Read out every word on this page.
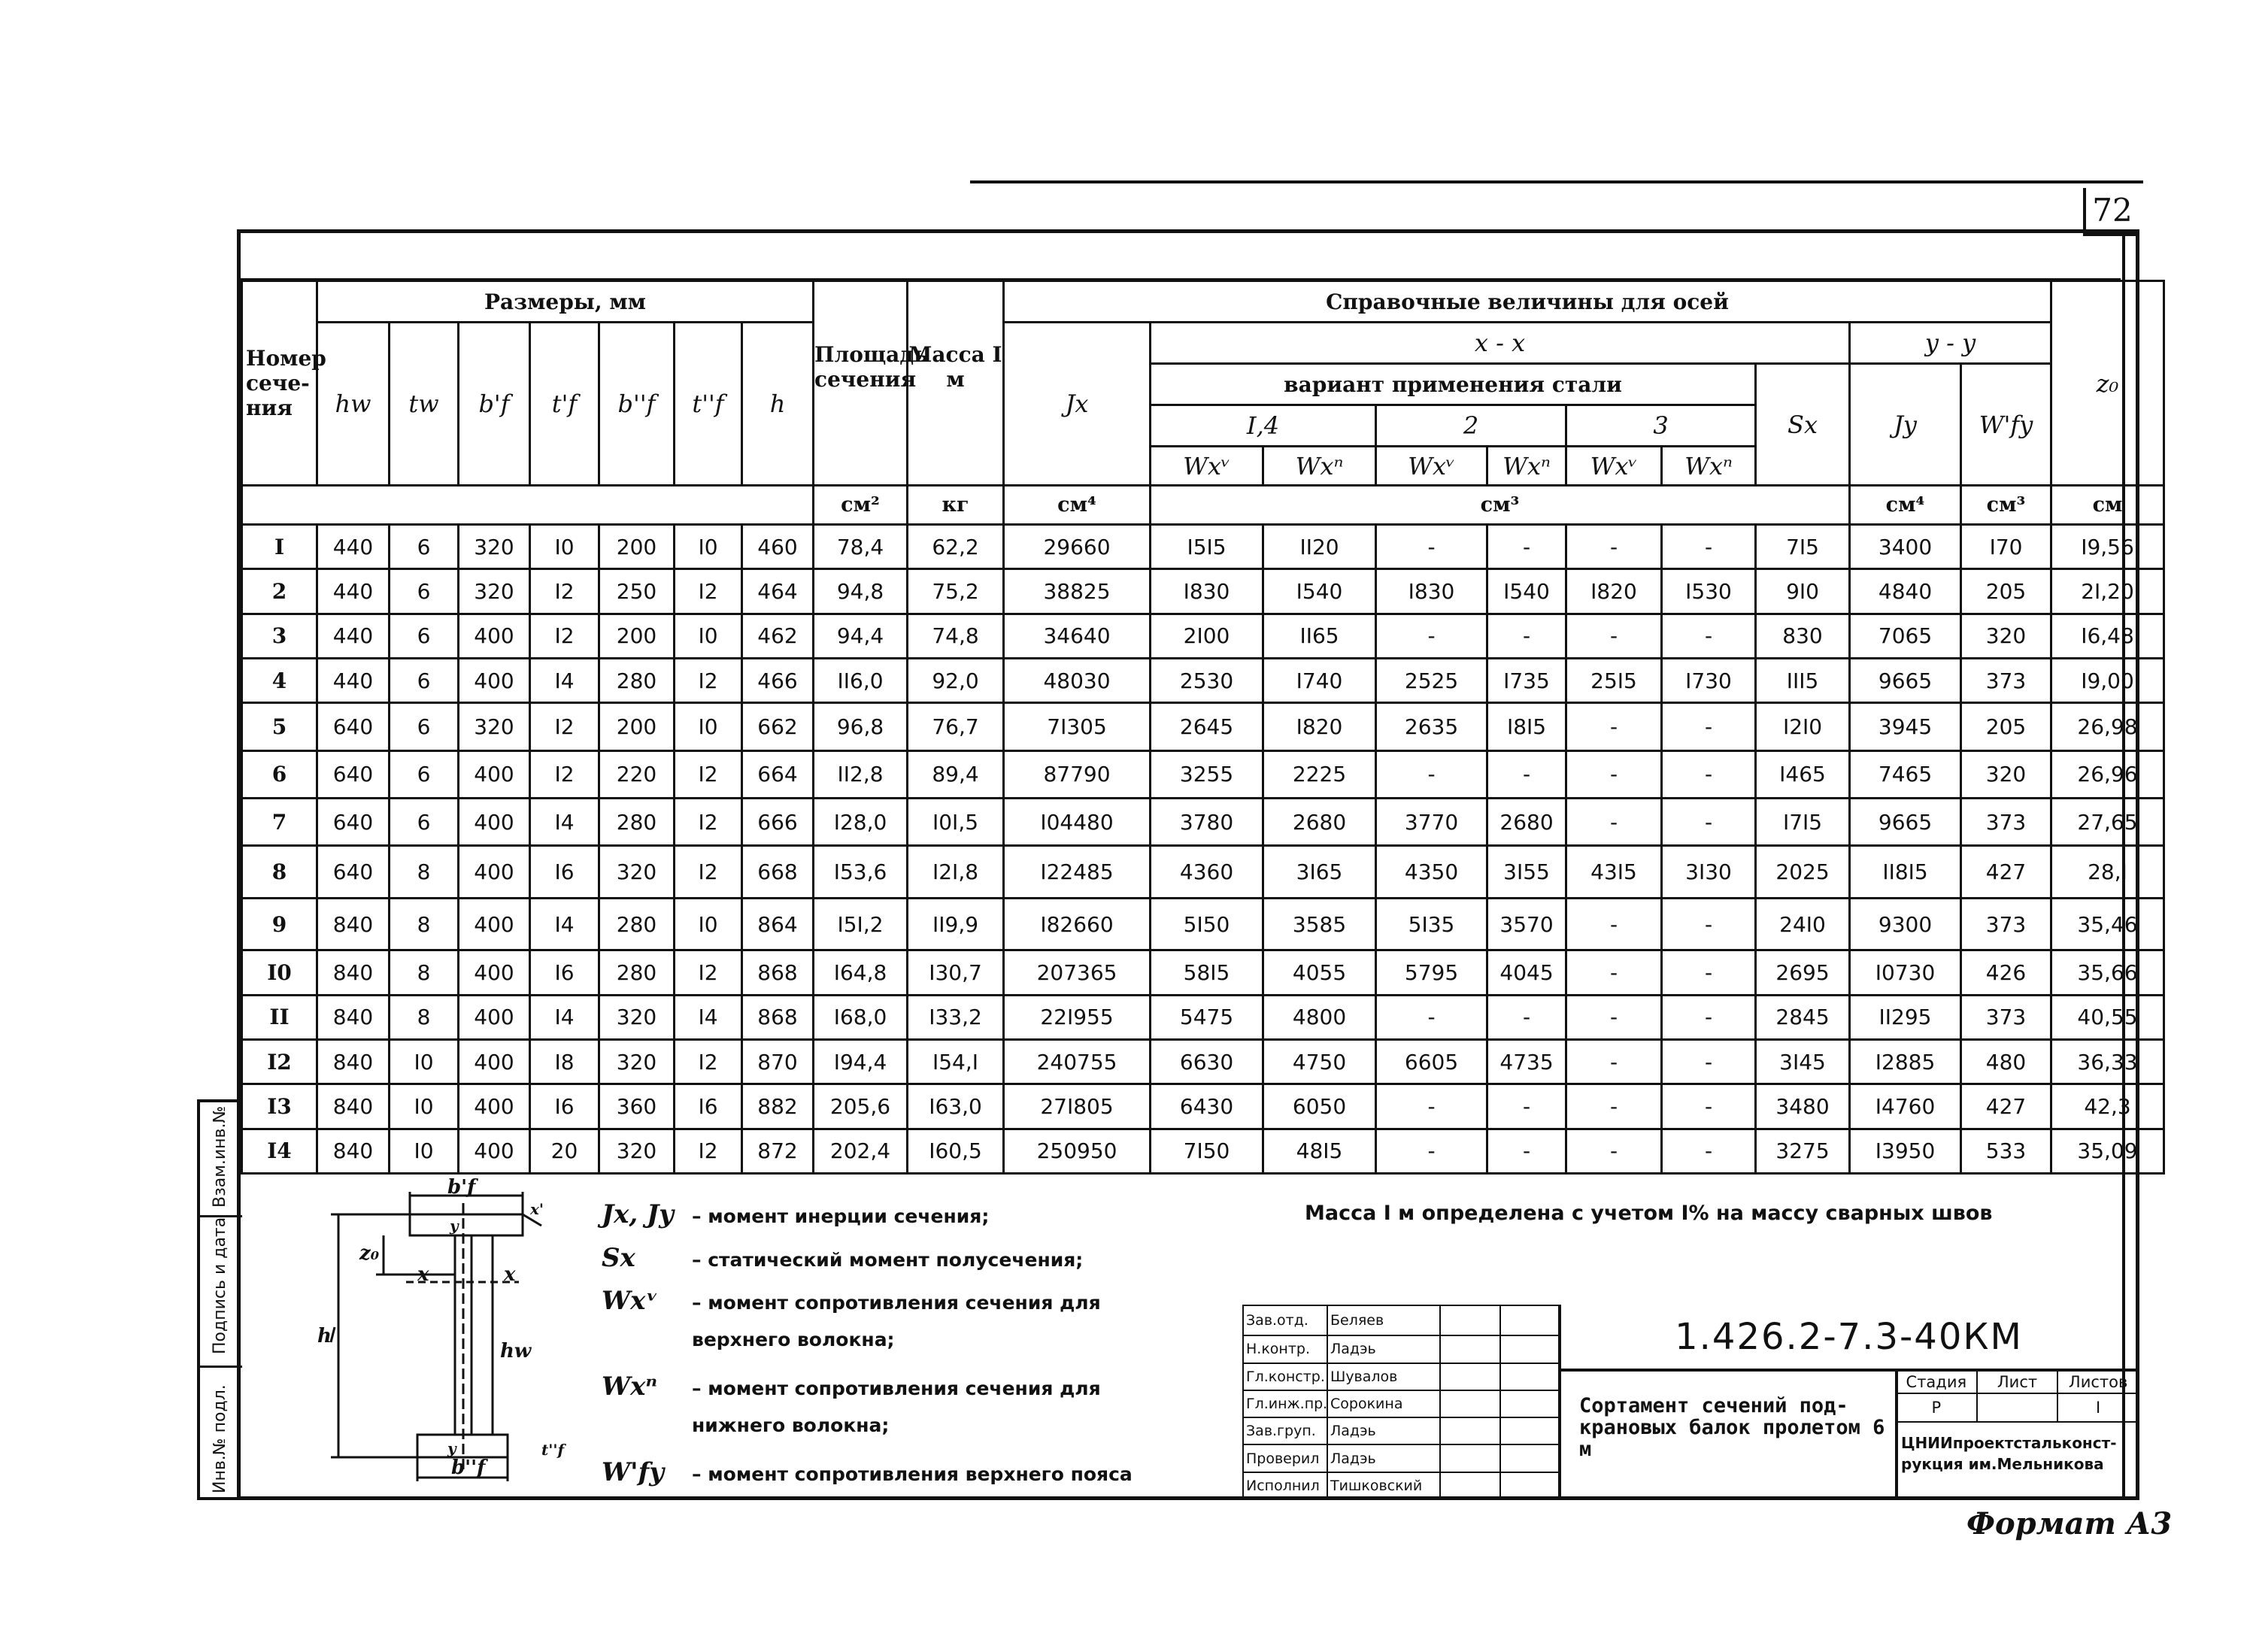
72
Номер сече-ния	Размеры, мм							Площадь сечения	Масса I м	Справочные величины для осей										z₀
	hw	tw	b'f	t'f	b''f	t''f	h			Jx	x - x							y - y		
											вариант применения стали						Sx	Jy	W'fy	
											I,4		2		3					
											Wxᵛ	Wxⁿ	Wxᵛ	Wxⁿ	Wxᵛ	Wxⁿ				
								см²	кг	см⁴	см³							см⁴	см³	см
I	440	6	320	I0	200	I0	460	78,4	62,2	29660	I5I5	II20	-	-	-	-	7I5	3400	I70	I9,56
2	440	6	320	I2	250	I2	464	94,8	75,2	38825	I830	I540	I830	I540	I820	I530	9I0	4840	205	2I,20
3	440	6	400	I2	200	I0	462	94,4	74,8	34640	2I00	II65	-	-	-	-	830	7065	320	I6,48
4	440	6	400	I4	280	I2	466	II6,0	92,0	48030	2530	I740	2525	I735	25I5	I730	III5	9665	373	I9,00
5	640	6	320	I2	200	I0	662	96,8	76,7	7I305	2645	I820	2635	I8I5	-	-	I2I0	3945	205	26,98
6	640	6	400	I2	220	I2	664	II2,8	89,4	87790	3255	2225	-	-	-	-	I465	7465	320	26,96
7	640	6	400	I4	280	I2	666	I28,0	I0I,5	I04480	3780	2680	3770	2680	-	-	I7I5	9665	373	27,65
8	640	8	400	I6	320	I2	668	I53,6	I2I,8	I22485	4360	3I65	4350	3I55	43I5	3I30	2025	II8I5	427	28,I
9	840	8	400	I4	280	I0	864	I5I,2	II9,9	I82660	5I50	3585	5I35	3570	-	-	24I0	9300	373	35,46
I0	840	8	400	I6	280	I2	868	I64,8	I30,7	207365	58I5	4055	5795	4045	-	-	2695	I0730	426	35,66
II	840	8	400	I4	320	I4	868	I68,0	I33,2	22I955	5475	4800	-	-	-	-	2845	II295	373	40,55
I2	840	I0	400	I8	320	I2	870	I94,4	I54,I	240755	6630	4750	6605	4735	-	-	3I45	I2885	480	36,33
I3	840	I0	400	I6	360	I6	882	205,6	I63,0	27I805	6430	6050	-	-	-	-	3480	I4760	427	42,3
I4	840	I0	400	20	320	I2	872	202,4	I60,5	250950	7I50	48I5	-	-	-	-	3275	I3950	533	35,09
Инв.№ подл.
Подпись и дата
Взам.инв.№	b'f
y
x'
z₀
x	x
h
hw
y
b''f
t''f
Jx, Jy – момент инерции сечения;
Sx	– статический момент полусечения;
Wxᵛ – момент сопротивления сечения для
верхнего волокна;
Wxⁿ – момент сопротивления сечения для
нижнего волокна;
W'fy – момент сопротивления верхнего пояса
Масса I м определена с учетом I% на массу сварных швов
Зав.отд.	Беляев		
Н.контр.	Ладэь		
Гл.констр.	Шувалов		
Гл.инж.пр.	Сорокина		
Зав.груп.	Ладэь		
Проверил	Ладэь		
Исполнил	Тишковский		
1.426.2-7.3-40КМ
Сортамент сечений под-крановых балок пролетом 6 м
Стадия	Лист	Листов
Р		I
ЦНИИпроектстальконст-рукция им.Мельникова
Формат А3
